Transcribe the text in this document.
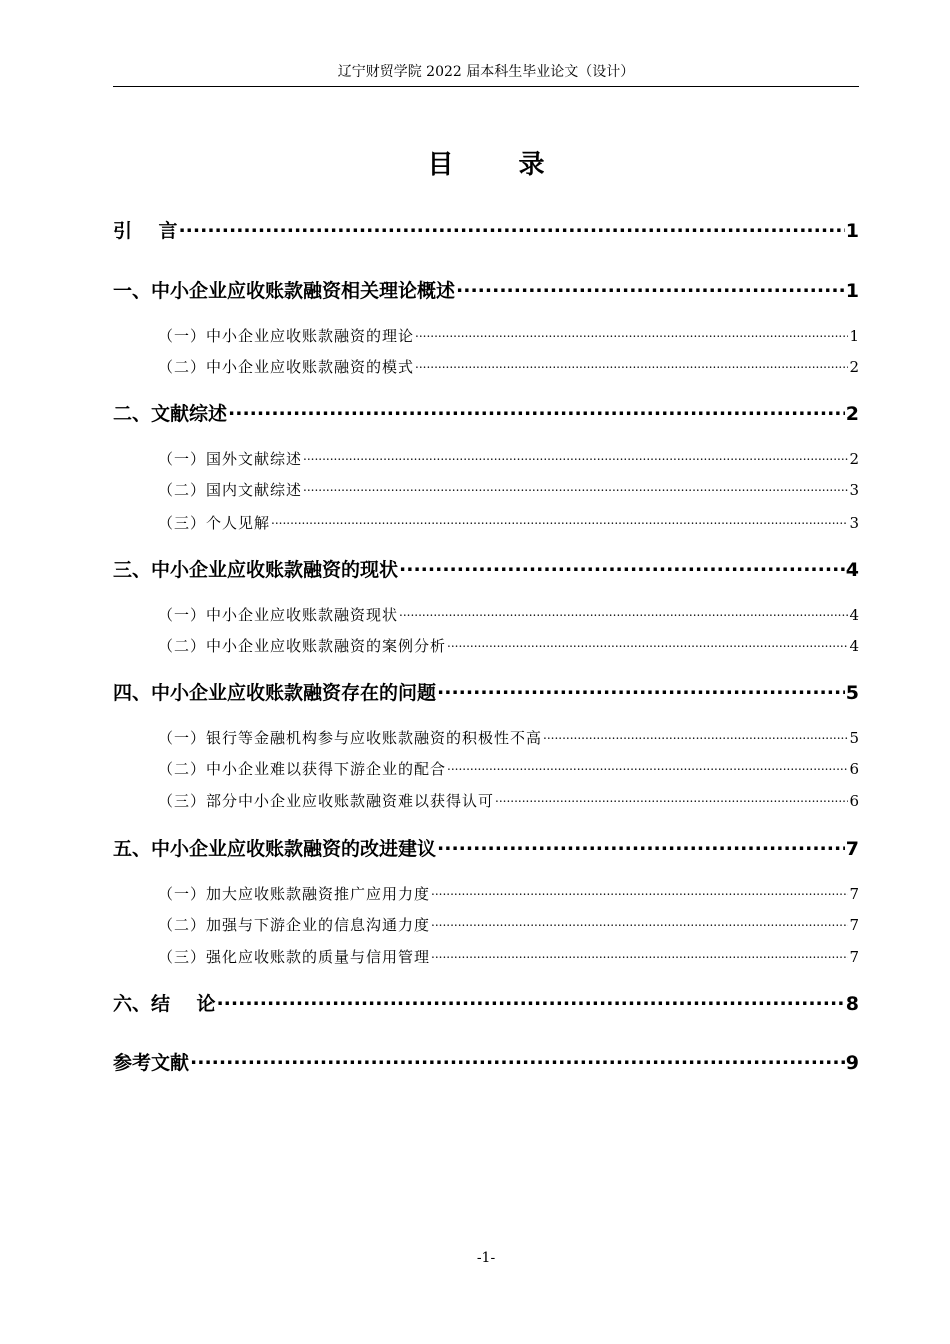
辽宁财贸学院 2022 届本科生毕业论文（设计）
目 录
引    言 .....	1
一、中小企业应收账款融资相关理论概述 .....	1
（一）中小企业应收账款融资的理论 .....	1
（二）中小企业应收账款融资的模式 .....	2
二、文献综述 .....	2
（一）国外文献综述 .....	2
（二）国内文献综述 .....	3
（三）个人见解 .....	3
三、中小企业应收账款融资的现状 .....	4
（一）中小企业应收账款融资现状 .....	4
（二）中小企业应收账款融资的案例分析 .....	4
四、中小企业应收账款融资存在的问题 .....	5
（一）银行等金融机构参与应收账款融资的积极性不高 .....	5
（二）中小企业难以获得下游企业的配合 .....	6
（三）部分中小企业应收账款融资难以获得认可 .....	6
五、中小企业应收账款融资的改进建议 .....	7
（一）加大应收账款融资推广应用力度 .....	7
（二）加强与下游企业的信息沟通力度 .....	7
（三）强化应收账款的质量与信用管理 .....	7
六、结    论 .....	8
参考文献 .....	9
-1-
